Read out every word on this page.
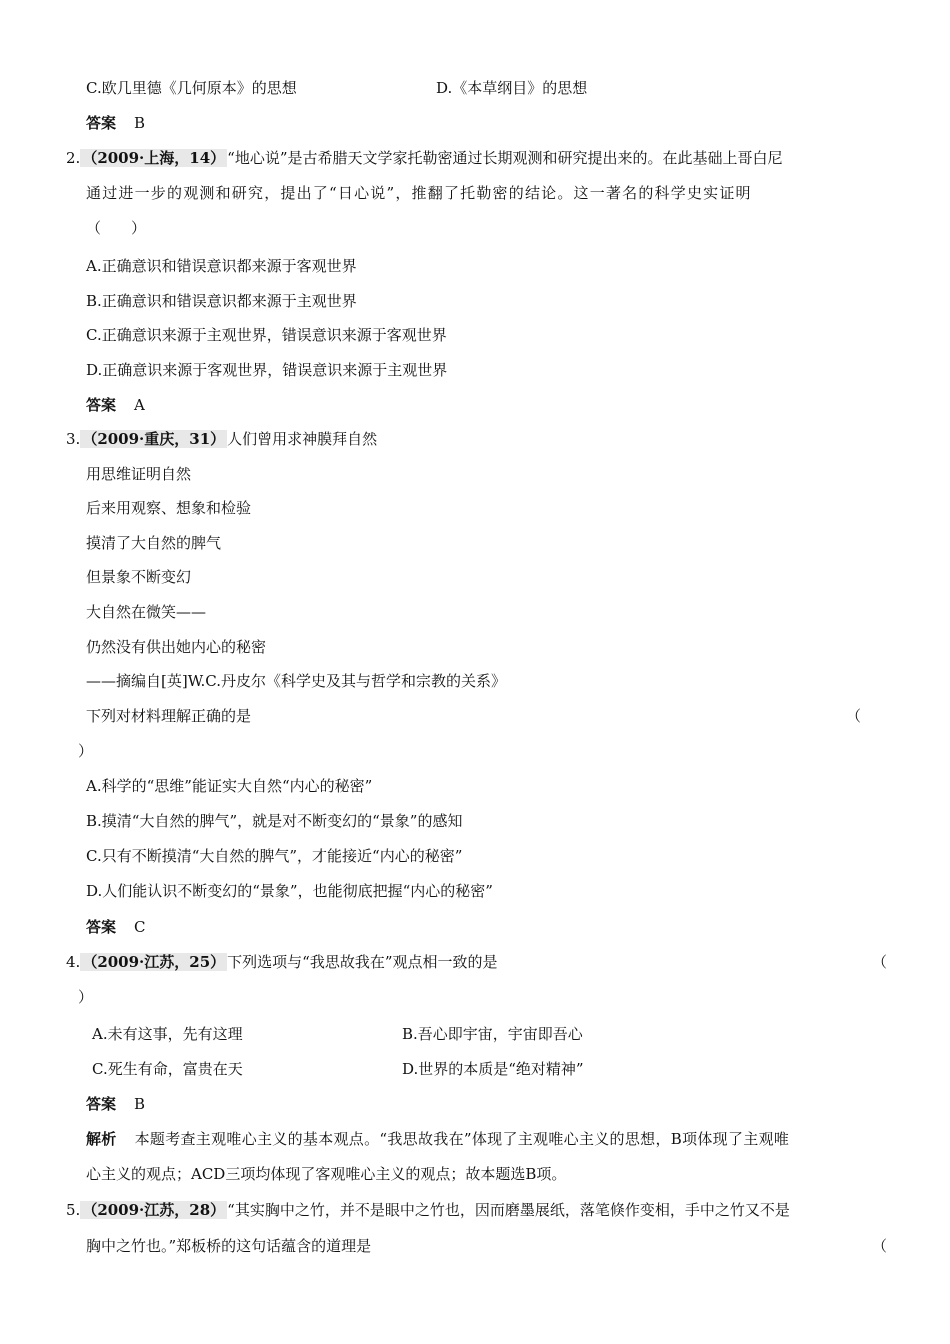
C.欧几里德《几何原本》的思想	D.《本草纲目》的思想
答案 B
2. （2009·上海，14） “地心说”是古希腊天文学家托勒密通过长期观测和研究提出来的。在此基础上哥白尼
通过进一步的观测和研究，提出了“日心说”，推翻了托勒密的结论。这一著名的科学史实证明
（　　）
A.正确意识和错误意识都来源于客观世界
B.正确意识和错误意识都来源于主观世界
C.正确意识来源于主观世界，错误意识来源于客观世界
D.正确意识来源于客观世界，错误意识来源于主观世界
答案 A
3. （2009·重庆，31） 人们曾用求神膜拜自然
用思维证明自然
后来用观察、想象和检验
摸清了大自然的脾气
但景象不断变幻
大自然在微笑——
仍然没有供出她内心的秘密
——摘编自[英]W.C.丹皮尔《科学史及其与哲学和宗教的关系》
下列对材料理解正确的是	（
）
A.科学的“思维”能证实大自然“内心的秘密”
B.摸清“大自然的脾气”，就是对不断变幻的“景象”的感知
C.只有不断摸清“大自然的脾气”，才能接近“内心的秘密”
D.人们能认识不断变幻的“景象”，也能彻底把握“内心的秘密”
答案 C
4. （2009·江苏，25） 下列选项与“我思故我在”观点相一致的是	（
）
A.未有这事，先有这理	B.吾心即宇宙，宇宙即吾心
C.死生有命，富贵在天	D.世界的本质是“绝对精神”
答案 B
解析 本题考查主观唯心主义的基本观点。“我思故我在”体现了主观唯心主义的思想，B项体现了主观唯
心主义的观点；ACD三项均体现了客观唯心主义的观点；故本题选B项。
5. （2009·江苏，28） “其实胸中之竹，并不是眼中之竹也，因而磨墨展纸，落笔倏作变相，手中之竹又不是
胸中之竹也。”郑板桥的这句话蕴含的道理是	（
